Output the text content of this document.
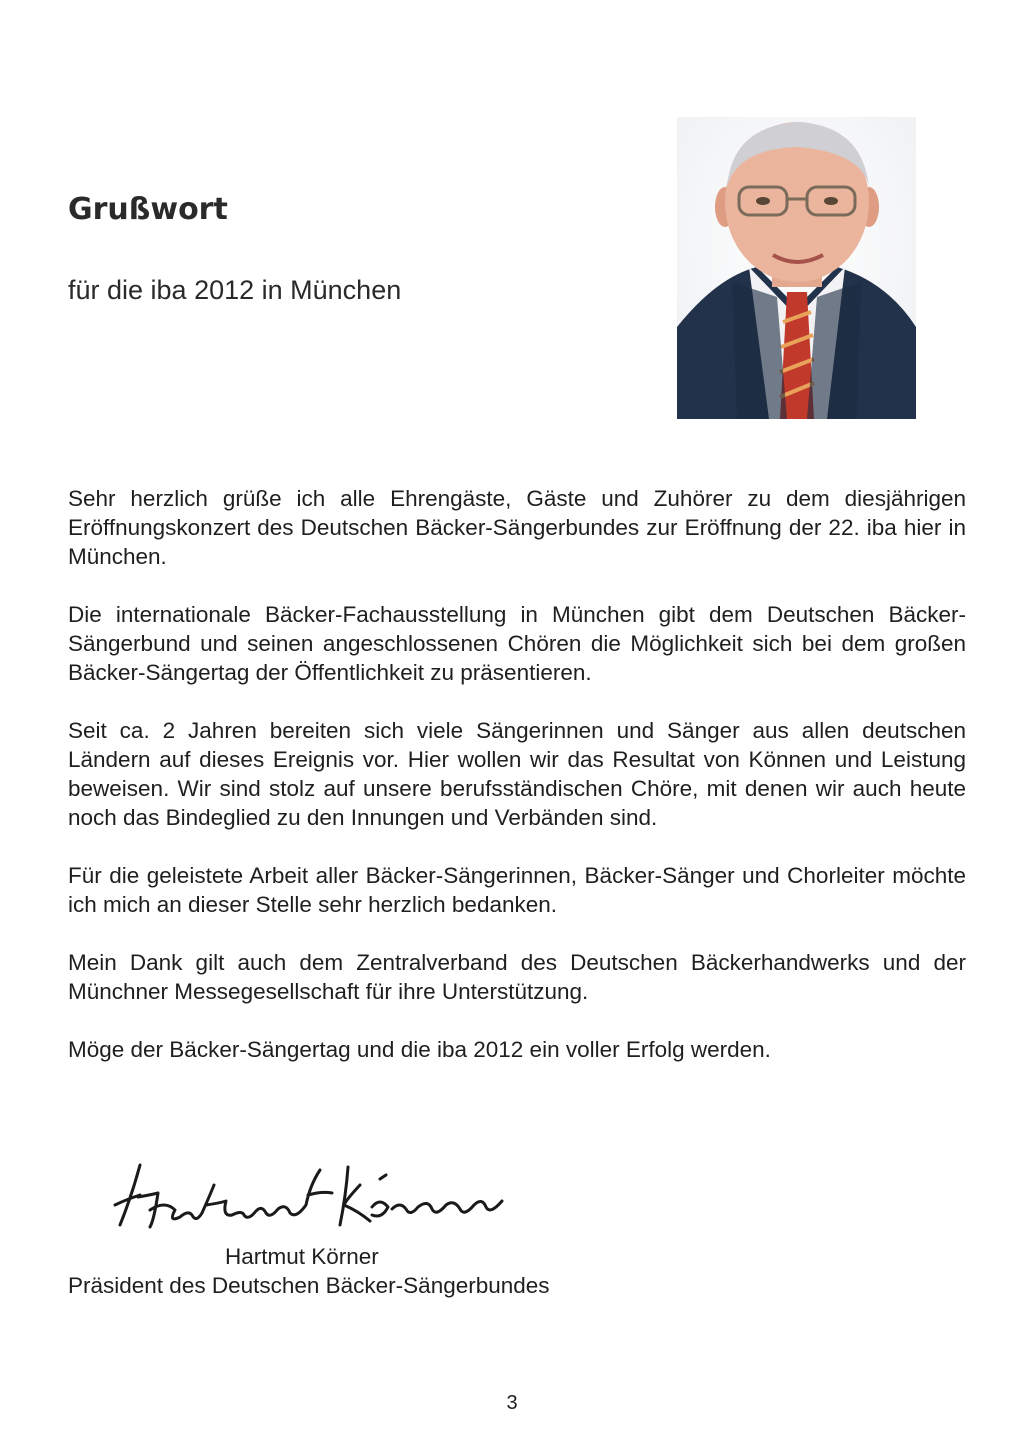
Grußwort

für die iba 2012 in München

Sehr herzlich grüße ich alle Ehrengäste, Gäste und Zuhörer zu dem diesjährigen Eröffnungskonzert des Deutschen Bäcker-Sängerbundes zur Eröffnung der 22. iba hier in München.

Die internationale Bäcker-Fachausstellung in München gibt dem Deutschen Bäcker-Sängerbund und seinen angeschlossenen Chören die Möglichkeit sich bei dem großen Bäcker-Sängertag der Öffentlichkeit zu präsentieren.

Seit ca. 2 Jahren bereiten sich viele Sängerinnen und Sänger aus allen deutschen Ländern auf dieses Ereignis vor. Hier wollen wir das Resultat von Können und Leistung beweisen. Wir sind stolz auf unsere berufsständischen Chöre, mit denen wir auch heute noch das Bindeglied zu den Innungen und Verbänden sind.

Für die geleistete Arbeit aller Bäcker-Sängerinnen, Bäcker-Sänger und Chorleiter möchte ich mich an dieser Stelle sehr herzlich bedanken.

Mein Dank gilt auch dem Zentralverband des Deutschen Bäckerhandwerks und der Münchner Messegesellschaft für ihre Unterstützung.

Möge der Bäcker-Sängertag und die iba 2012 ein voller Erfolg werden.

Hartmut Körner

Präsident des Deutschen Bäcker-Sängerbundes

3
